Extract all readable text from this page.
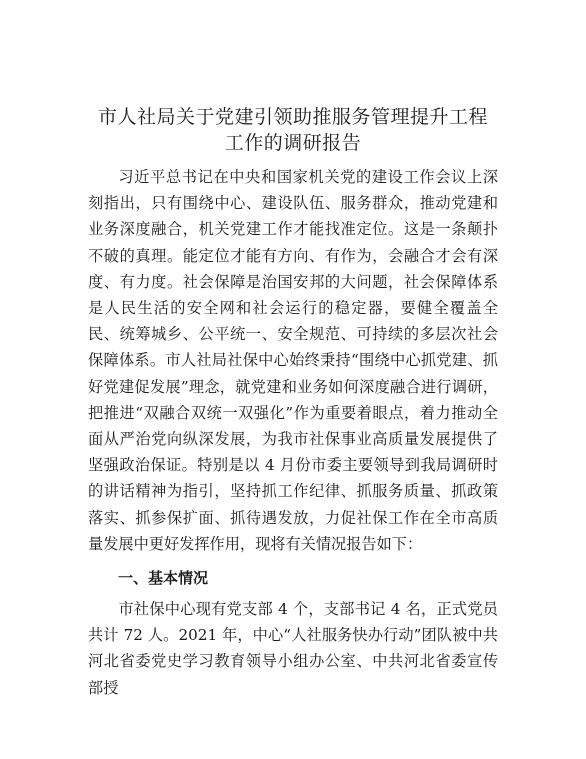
市人社局关于党建引领助推服务管理提升工程
工作的调研报告

习近平总书记在中央和国家机关党的建设工作会议上深刻指出，只有围绕中心、建设队伍、服务群众，推动党建和业务深度融合，机关党建工作才能找准定位。这是一条颠扑不破的真理。能定位才能有方向、有作为，会融合才会有深度、有力度。社会保障是治国安邦的大问题，社会保障体系是人民生活的安全网和社会运行的稳定器，要健全覆盖全民、统筹城乡、公平统一、安全规范、可持续的多层次社会保障体系。市人社局社保中心始终秉持“围绕中心抓党建、抓好党建促发展”理念，就党建和业务如何深度融合进行调研，把推进“双融合双统一双强化”作为重要着眼点，着力推动全面从严治党向纵深发展，为我市社保事业高质量发展提供了坚强政治保证。特别是以 4 月份市委主要领导到我局调研时的讲话精神为指引，坚持抓工作纪律、抓服务质量、抓政策落实、抓参保扩面、抓待遇发放，力促社保工作在全市高质量发展中更好发挥作用，现将有关情况报告如下：

一、基本情况

市社保中心现有党支部 4 个，支部书记 4 名，正式党员共计 72 人。2021 年，中心“人社服务快办行动”团队被中共河北省委党史学习教育领导小组办公室、中共河北省委宣传部授
